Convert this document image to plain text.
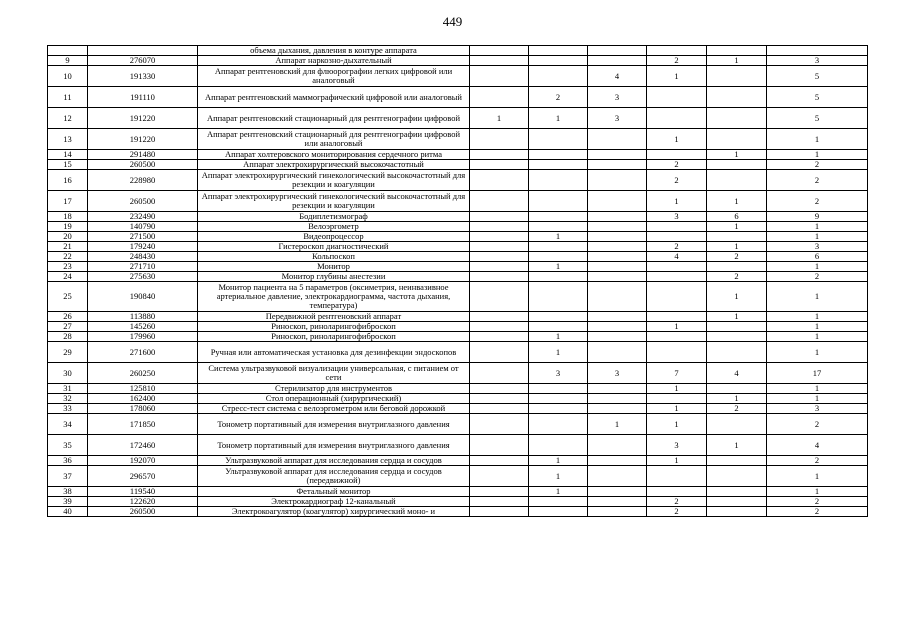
449
		объема дыхания, давления в контуре аппарата						
9	276070	Аппарат наркозно-дыхательный				2	1	3
10	191330	Аппарат рентгеновский для флюорографии легких цифровой или аналоговый			4	1		5
11	191110	Аппарат рентгеновский маммографический цифровой или аналоговый		2	3			5
12	191220	Аппарат рентгеновский стационарный для рентгенографии цифровой	1	1	3			5
13	191220	Аппарат рентгеновский стационарный для рентгенографии цифровой или аналоговый				1		1
14	291480	Аппарат холтеровского мониторирования сердечного ритма					1	1
15	260500	Аппарат электрохирургический высокочастотный				2		2
16	228980	Аппарат электрохирургический гинекологический высокочастотный для резекции и коагуляции				2		2
17	260500	Аппарат электрохирургический гинекологический высокочастотный для резекции и коагуляции				1	1	2
18	232490	Бодиплетизмограф				3	6	9
19	140790	Велоэргометр					1	1
20	271500	Видеопроцессор		1				1
21	179240	Гистероскоп диагностический				2	1	3
22	248430	Кольпоскоп				4	2	6
23	271710	Монитор		1				1
24	275630	Монитор глубины анестезии					2	2
25	190840	Монитор пациента на 5 параметров (оксиметрия, неинвазивное артериальное давление, электрокардиограмма, частота дыхания, температура)					1	1
26	113880	Передвижной рентгеновский аппарат					1	1
27	145260	Риноскоп, риноларингофиброскоп				1		1
28	179960	Риноскоп, риноларингофиброскоп		1				1
29	271600	Ручная или автоматическая установка для дезинфекции эндоскопов		1				1
30	260250	Система ультразвуковой визуализации универсальная, с питанием от сети		3	3	7	4	17
31	125810	Стерилизатор для инструментов				1		1
32	162400	Стол операционный (хирургический)					1	1
33	178060	Стресс-тест система с велоэргометром или беговой дорожкой				1	2	3
34	171850	Тонометр портативный для измерения внутриглазного давления			1	1		2
35	172460	Тонометр портативный для измерения внутриглазного давления				3	1	4
36	192070	Ультразвуковой аппарат для исследования сердца и сосудов		1		1		2
37	296570	Ультразвуковой аппарат для исследования сердца и сосудов (передвижной)		1				1
38	119540	Фетальный монитор		1				1
39	122620	Электрокардиограф 12-канальный				2		2
40	260500	Электрокоагулятор (коагулятор) хирургический моно- и				2		2
